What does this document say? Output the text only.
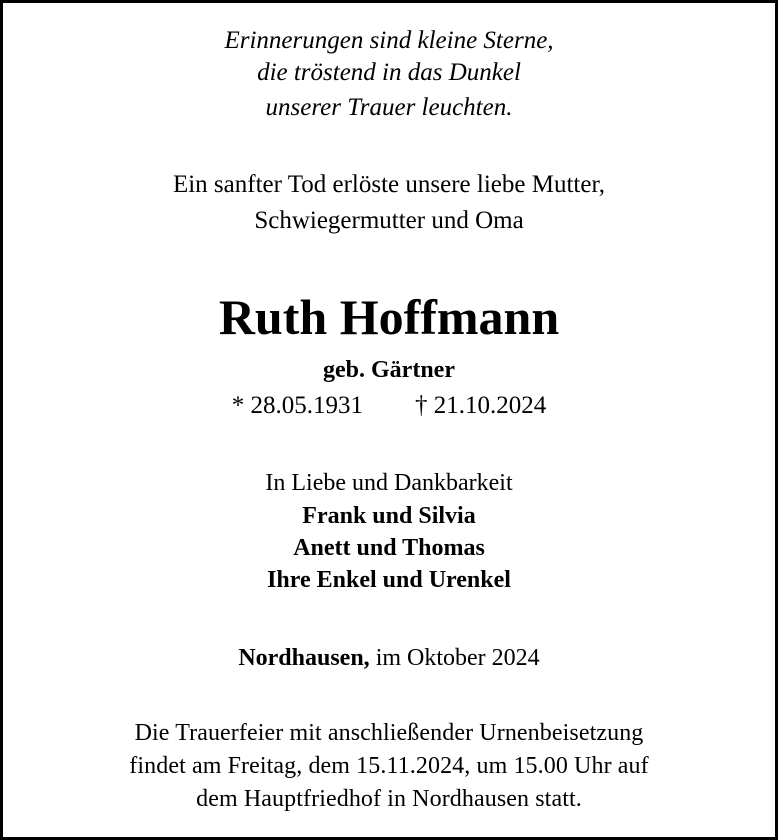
Erinnerungen sind kleine Sterne,
die tröstend in das Dunkel
unserer Trauer leuchten.
Ein sanfter Tod erlöste unsere liebe Mutter,
Schwiegermutter und Oma
Ruth Hoffmann
geb. Gärtner
* 28.05.1931 † 21.10.2024
In Liebe und Dankbarkeit
Frank und Silvia
Anett und Thomas
Ihre Enkel und Urenkel
Nordhausen, im Oktober 2024
Die Trauerfeier mit anschließender Urnenbeisetzung
findet am Freitag, dem 15.11.2024, um 15.00 Uhr auf
dem Hauptfriedhof in Nordhausen statt.
